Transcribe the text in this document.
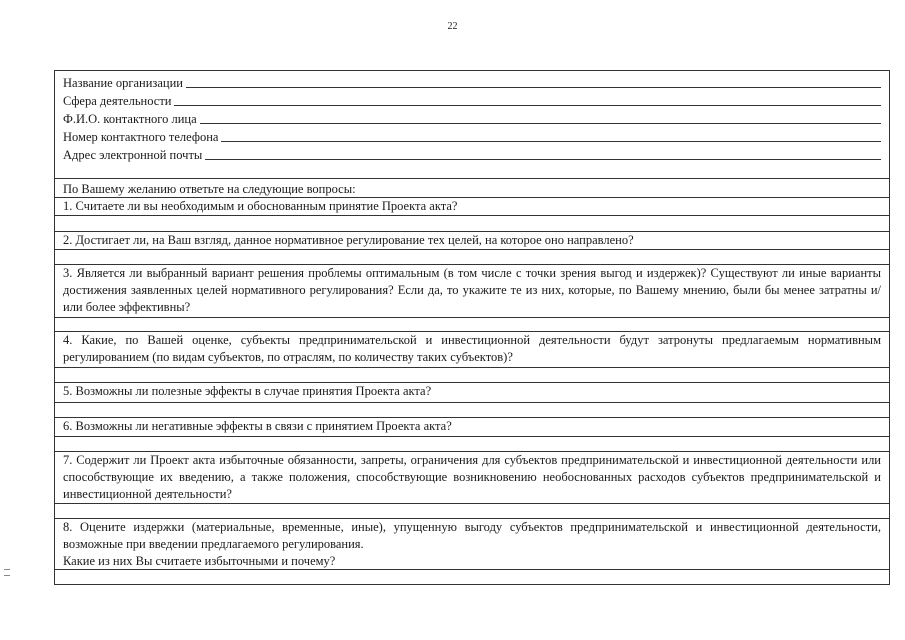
22
Название организации
Сфера деятельности
Ф.И.О. контактного лица
Номер контактного телефона
Адрес электронной почты
По Вашему желанию ответьте на следующие вопросы:
1. Считаете ли вы необходимым и обоснованным принятие Проекта акта?
2. Достигает ли, на Ваш взгляд, данное нормативное регулирование тех целей, на которое оно направлено?
3. Является ли выбранный вариант решения проблемы оптимальным (в том числе с точки зрения выгод и издержек)? Существуют ли иные варианты достижения заявленных целей нормативного регулирования? Если да, то укажите те из них, которые, по Вашему мнению, были бы менее затратны и/или более эффективны?
4. Какие, по Вашей оценке, субъекты предпринимательской и инвестиционной деятельности будут затронуты предлагаемым нормативным регулированием (по видам субъектов, по отраслям, по количеству таких субъектов)?
5. Возможны ли полезные эффекты в случае принятия Проекта акта?
6. Возможны ли негативные эффекты в связи с принятием Проекта акта?
7. Содержит ли Проект акта избыточные обязанности, запреты, ограничения для субъектов предпринимательской и инвестиционной деятельности или способствующие их введению, а также положения, способствующие возникновению необоснованных расходов субъектов предпринимательской и инвестиционной деятельности?
8. Оцените издержки (материальные, временные, иные), упущенную выгоду субъектов предпринимательской и инвестиционной деятельности, возможные при введении предлагаемого регулирования.
Какие из них Вы считаете избыточными и почему?
